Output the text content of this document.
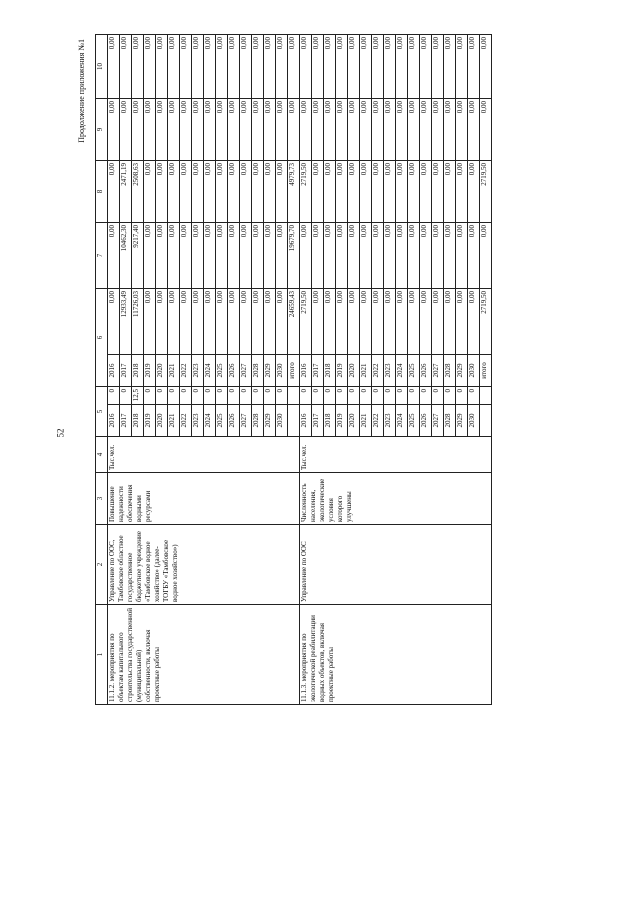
52
Продолжение приложения №1
1	2	3	4	5		6		7	8	9	10
11.1.2. мероприятия по объектам капитального строительства государственной (муниципальной) собственности, включая проектные работы	Управление по ООС, Тамбовское областное государственное бюджетное учреждение «Тамбовское водное хозяйство» (далее- ТОГБУ «Тамбовское водное хозяйство»)	Повышение надежности обеспечения водными ресурсами	Тыс.чел.	2016	0	2016	0,00	0,00	0,00	0,00	0,00
				2017	0	2017	12933,49	10462,30	2471,19	0,00	0,00
				2018	12,5	2018	11726,03	9217,40	2508,63	0,00	0,00
				2019	0	2019	0,00	0,00	0,00	0,00	0,00
				2020	0	2020	0,00	0,00	0,00	0,00	0,00
				2021	0	2021	0,00	0,00	0,00	0,00	0,00
				2022	0	2022	0,00	0,00	0,00	0,00	0,00
				2023	0	2023	0,00	0,00	0,00	0,00	0,00
				2024	0	2024	0,00	0,00	0,00	0,00	0,00
				2025	0	2025	0,00	0,00	0,00	0,00	0,00
				2026	0	2026	0,00	0,00	0,00	0,00	0,00
				2027	0	2027	0,00	0,00	0,00	0,00	0,00
				2028	0	2028	0,00	0,00	0,00	0,00	0,00
				2029	0	2029	0,00	0,00	0,00	0,00	0,00
				2030	0	2030	0,00	0,00	0,00	0,00	0,00
						итого	24659,43	19679,70	4979,73	0,00	0,00
11.1.3. мероприятия по экологической реабилитации водных объектов, включая проектные работы	Управление по ООС	Численность населения, экологические условия которого улучшены	Тыс.чел.	2016	0	2016	2719,50	0,00	2719,50	0,00	0,00
				2017	0	2017	0,00	0,00	0,00	0,00	0,00
				2018	0	2018	0,00	0,00	0,00	0,00	0,00
				2019	0	2019	0,00	0,00	0,00	0,00	0,00
				2020	0	2020	0,00	0,00	0,00	0,00	0,00
				2021	0	2021	0,00	0,00	0,00	0,00	0,00
				2022	0	2022	0,00	0,00	0,00	0,00	0,00
				2023	0	2023	0,00	0,00	0,00	0,00	0,00
				2024	0	2024	0,00	0,00	0,00	0,00	0,00
				2025	0	2025	0,00	0,00	0,00	0,00	0,00
				2026	0	2026	0,00	0,00	0,00	0,00	0,00
				2027	0	2027	0,00	0,00	0,00	0,00	0,00
				2028	0	2028	0,00	0,00	0,00	0,00	0,00
				2029	0	2029	0,00	0,00	0,00	0,00	0,00
				2030	0	2030	0,00	0,00	0,00	0,00	0,00
						итого	2719,50	0,00	2719,50	0,00	0,00
